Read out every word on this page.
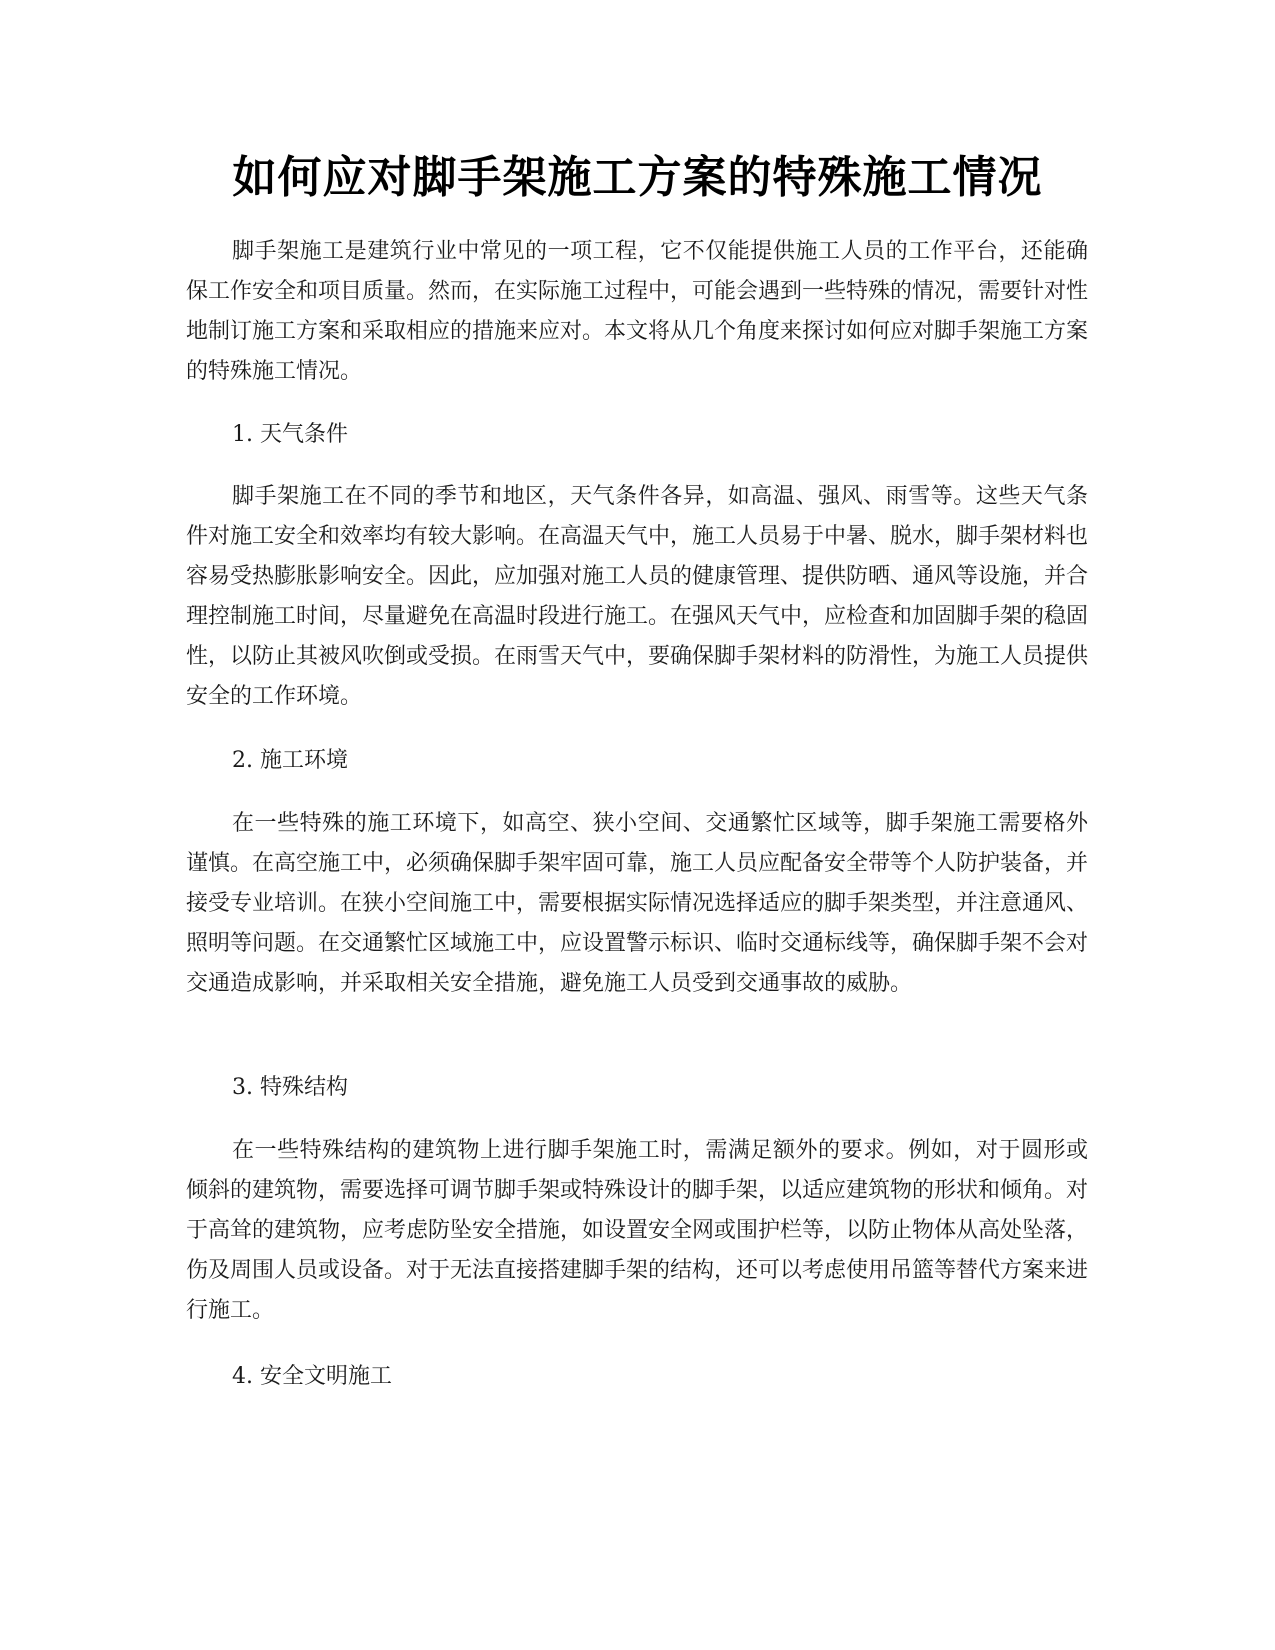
如何应对脚手架施工方案的特殊施工情况

脚手架施工是建筑行业中常见的一项工程，它不仅能提供施工人员的工作平台，还能确保工作安全和项目质量。然而，在实际施工过程中，可能会遇到一些特殊的情况，需要针对性地制订施工方案和采取相应的措施来应对。本文将从几个角度来探讨如何应对脚手架施工方案的特殊施工情况。

1. 天气条件

脚手架施工在不同的季节和地区，天气条件各异，如高温、强风、雨雪等。这些天气条件对施工安全和效率均有较大影响。在高温天气中，施工人员易于中暑、脱水，脚手架材料也容易受热膨胀影响安全。因此，应加强对施工人员的健康管理、提供防晒、通风等设施，并合理控制施工时间，尽量避免在高温时段进行施工。在强风天气中，应检查和加固脚手架的稳固性，以防止其被风吹倒或受损。在雨雪天气中，要确保脚手架材料的防滑性，为施工人员提供安全的工作环境。

2. 施工环境

在一些特殊的施工环境下，如高空、狭小空间、交通繁忙区域等，脚手架施工需要格外谨慎。在高空施工中，必须确保脚手架牢固可靠，施工人员应配备安全带等个人防护装备，并接受专业培训。在狭小空间施工中，需要根据实际情况选择适应的脚手架类型，并注意通风、照明等问题。在交通繁忙区域施工中，应设置警示标识、临时交通标线等，确保脚手架不会对交通造成影响，并采取相关安全措施，避免施工人员受到交通事故的威胁。

3. 特殊结构

在一些特殊结构的建筑物上进行脚手架施工时，需满足额外的要求。例如，对于圆形或倾斜的建筑物，需要选择可调节脚手架或特殊设计的脚手架，以适应建筑物的形状和倾角。对于高耸的建筑物，应考虑防坠安全措施，如设置安全网或围护栏等，以防止物体从高处坠落，伤及周围人员或设备。对于无法直接搭建脚手架的结构，还可以考虑使用吊篮等替代方案来进行施工。

4. 安全文明施工
